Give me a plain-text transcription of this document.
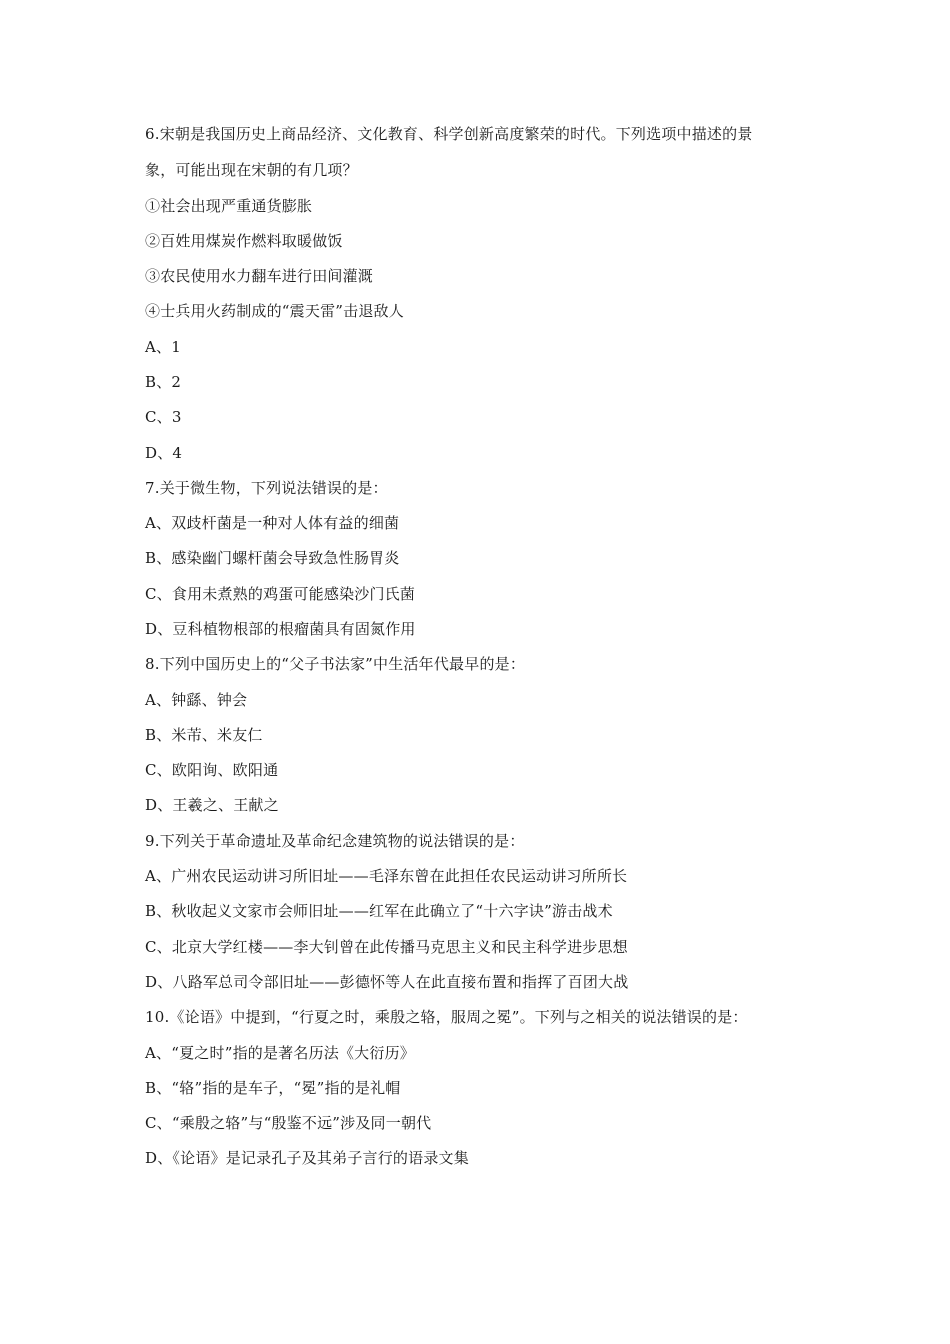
6.宋朝是我国历史上商品经济、文化教育、科学创新高度繁荣的时代。下列选项中描述的景
象，可能出现在宋朝的有几项？
①社会出现严重通货膨胀
②百姓用煤炭作燃料取暖做饭
③农民使用水力翻车进行田间灌溉
④士兵用火药制成的“震天雷”击退敌人
A、1
B、2
C、3
D、4
7.关于微生物，下列说法错误的是：
A、双歧杆菌是一种对人体有益的细菌
B、感染幽门螺杆菌会导致急性肠胃炎
C、食用未煮熟的鸡蛋可能感染沙门氏菌
D、豆科植物根部的根瘤菌具有固氮作用
8.下列中国历史上的“父子书法家”中生活年代最早的是：
A、钟繇、钟会
B、米芾、米友仁
C、欧阳询、欧阳通
D、王羲之、王献之
9.下列关于革命遗址及革命纪念建筑物的说法错误的是：
A、广州农民运动讲习所旧址——毛泽东曾在此担任农民运动讲习所所长
B、秋收起义文家市会师旧址——红军在此确立了“十六字诀”游击战术
C、北京大学红楼——李大钊曾在此传播马克思主义和民主科学进步思想
D、八路军总司令部旧址——彭德怀等人在此直接布置和指挥了百团大战
10.《论语》中提到，“行夏之时，乘殷之辂，服周之冕”。下列与之相关的说法错误的是：
A、“夏之时”指的是著名历法《大衍历》
B、“辂”指的是车子，“冕”指的是礼帽
C、“乘殷之辂”与“殷鉴不远”涉及同一朝代
D、《论语》是记录孔子及其弟子言行的语录文集
